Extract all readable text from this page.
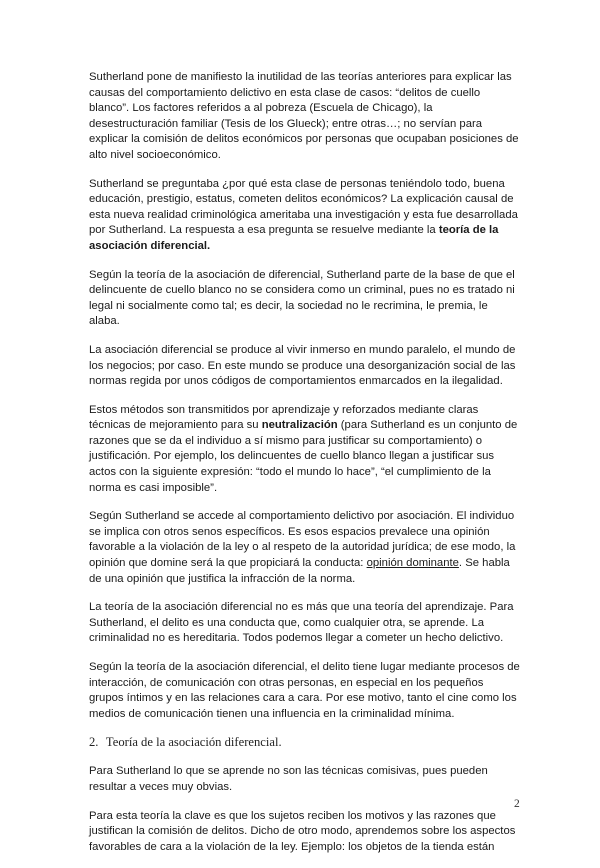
Sutherland pone de manifiesto la inutilidad de las teorías anteriores para explicar las causas del comportamiento delictivo en esta clase de casos: “delitos de cuello blanco”. Los factores referidos a al pobreza (Escuela de Chicago), la desestructuración familiar (Tesis de los Glueck); entre otras…; no servían para explicar la comisión de delitos económicos por personas que ocupaban posiciones de alto nivel socioeconómico.

Sutherland se preguntaba ¿por qué esta clase de personas teniéndolo todo, buena educación, prestigio, estatus, cometen delitos económicos? La explicación causal de esta nueva realidad criminológica ameritaba una investigación y esta fue desarrollada por Sutherland. La respuesta a esa pregunta se resuelve mediante la teoría de la asociación diferencial.

Según la teoría de la asociación de diferencial, Sutherland parte de la base de que el delincuente de cuello blanco no se considera como un criminal, pues no es tratado ni legal ni socialmente como tal; es decir, la sociedad no le recrimina, le premia, le alaba.

La asociación diferencial se produce al vivir inmerso en mundo paralelo, el mundo de los negocios; por caso. En este mundo se produce una desorganización social de las normas regida por unos códigos de comportamientos enmarcados en la ilegalidad.

Estos métodos son transmitidos por aprendizaje y reforzados mediante claras técnicas de mejoramiento para su neutralización (para Sutherland es un conjunto de razones que se da el individuo a sí mismo para justificar su comportamiento) o justificación. Por ejemplo, los delincuentes de cuello blanco llegan a justificar sus actos con la siguiente expresión: “todo el mundo lo hace”, “el cumplimiento de la norma es casi imposible”.

Según Sutherland se accede al comportamiento delictivo por asociación. El individuo se implica con otros senos específicos. Es esos espacios prevalece una opinión favorable a la violación de la ley o al respeto de la autoridad jurídica; de ese modo, la opinión que domine será la que propiciará la conducta: opinión dominante. Se habla de una opinión que justifica la infracción de la norma.

La teoría de la asociación diferencial no es más que una teoría del aprendizaje. Para Sutherland, el delito es una conducta que, como cualquier otra, se aprende. La criminalidad no es hereditaria. Todos podemos llegar a cometer un hecho delictivo.

Según la teoría de la asociación diferencial, el delito tiene lugar mediante procesos de interacción, de comunicación con otras personas, en especial en los pequeños grupos íntimos y en las relaciones cara a cara. Por ese motivo, tanto el cine como los medios de comunicación tienen una influencia en la criminalidad mínima.

2. Teoría de la asociación diferencial.

Para Sutherland lo que se aprende no son las técnicas comisivas, pues pueden resultar a veces muy obvias.

Para esta teoría la clave es que los sujetos reciben los motivos y las razones que justifican la comisión de delitos. Dicho de otro modo, aprendemos sobre los aspectos favorables de cara a la violación de la ley. Ejemplo: los objetos de la tienda están

2
